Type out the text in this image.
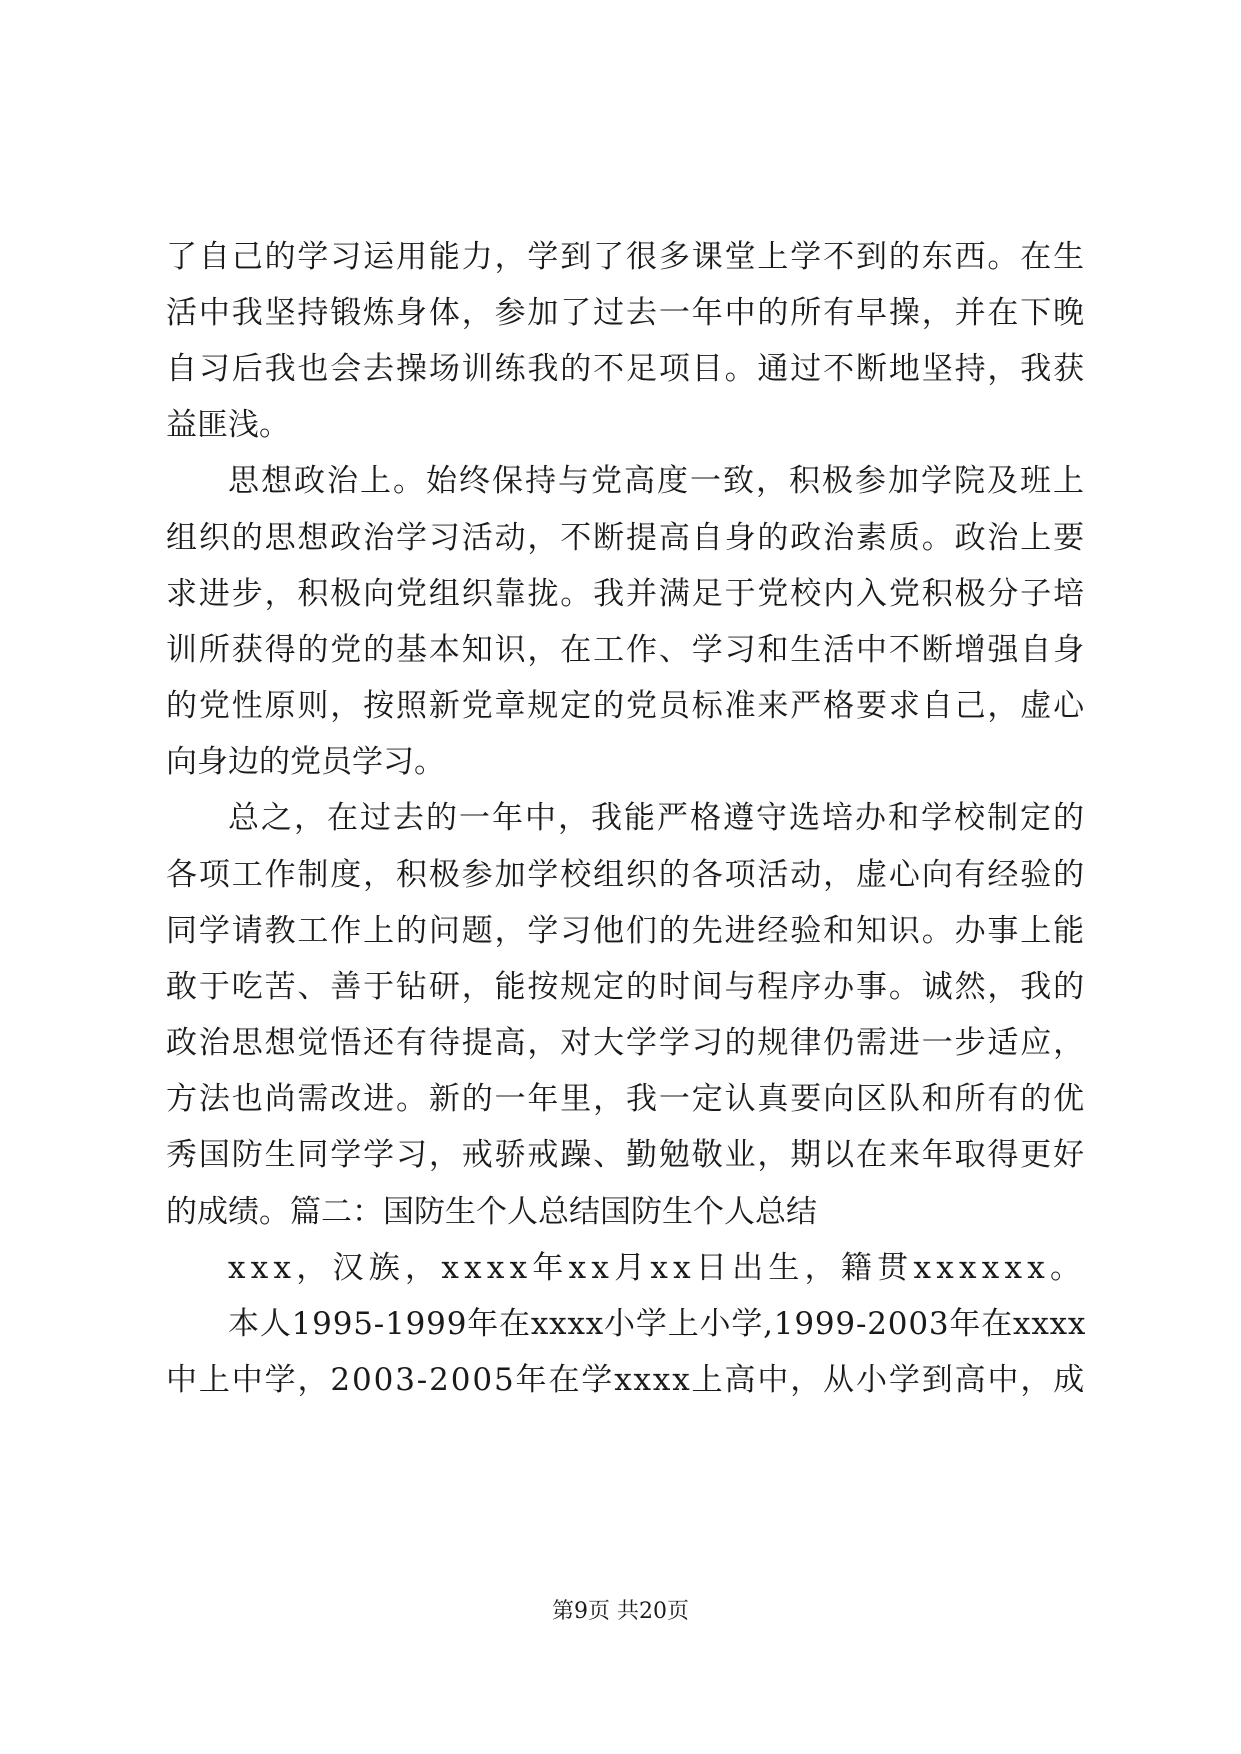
了自己的学习运用能力，学到了很多课堂上学不到的东西。在生
活中我坚持锻炼身体，参加了过去一年中的所有早操，并在下晚
自习后我也会去操场训练我的不足项目。通过不断地坚持，我获
益匪浅。
思想政治上。始终保持与党高度一致，积极参加学院及班上
组织的思想政治学习活动，不断提高自身的政治素质。政治上要
求进步，积极向党组织靠拢。我并满足于党校内入党积极分子培
训所获得的党的基本知识，在工作、学习和生活中不断增强自身
的党性原则，按照新党章规定的党员标准来严格要求自己，虚心
向身边的党员学习。
总之，在过去的一年中，我能严格遵守选培办和学校制定的
各项工作制度，积极参加学校组织的各项活动，虚心向有经验的
同学请教工作上的问题，学习他们的先进经验和知识。办事上能
敢于吃苦、善于钻研，能按规定的时间与程序办事。诚然，我的
政治思想觉悟还有待提高，对大学学习的规律仍需进一步适应，
方法也尚需改进。新的一年里，我一定认真要向区队和所有的优
秀国防生同学学习，戒骄戒躁、勤勉敬业，期以在来年取得更好
的成绩。篇二：国防生个人总结国防生个人总结
xxx，汉族，xxxx年xx月xx日出生，籍贯xxxxxx。
本人1995-1999年在xxxx小学上小学,1999-2003年在xxxx
中上中学，2003-2005年在学xxxx上高中，从小学到高中，成
第9页 共20页
